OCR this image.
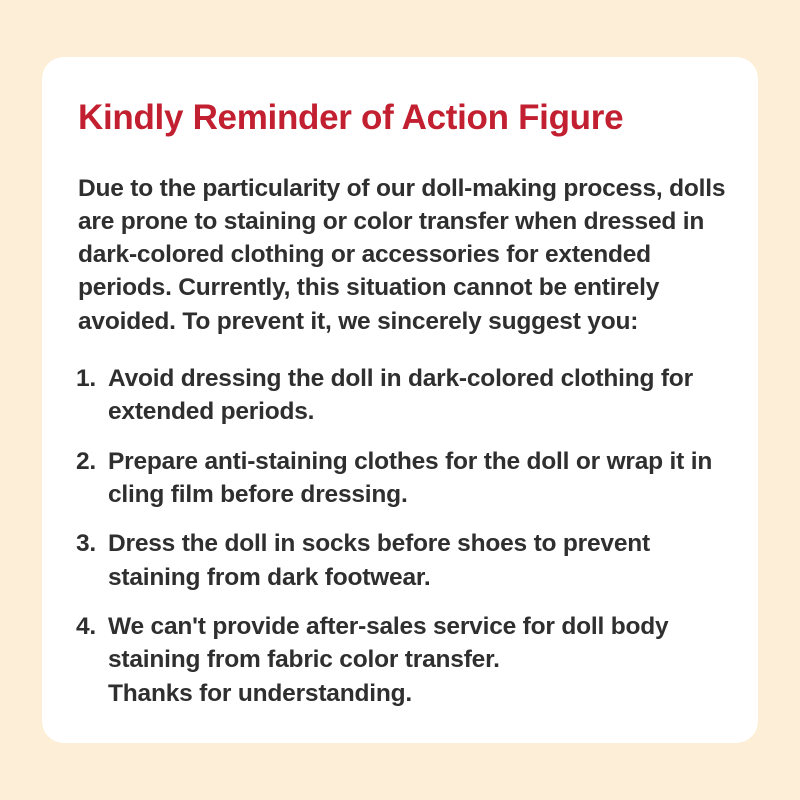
Kindly Reminder of Action Figure

Due to the particularity of our doll-making process, dolls are prone to staining or color transfer when dressed in dark-colored clothing or accessories for extended periods. Currently, this situation cannot be entirely avoided. To prevent it, we sincerely suggest you:

1. Avoid dressing the doll in dark-colored clothing for extended periods.
2. Prepare anti-staining clothes for the doll or wrap it in cling film before dressing.
3. Dress the doll in socks before shoes to prevent staining from dark footwear.
4. We can't provide after-sales service for doll body staining from fabric color transfer.
Thanks for understanding.
